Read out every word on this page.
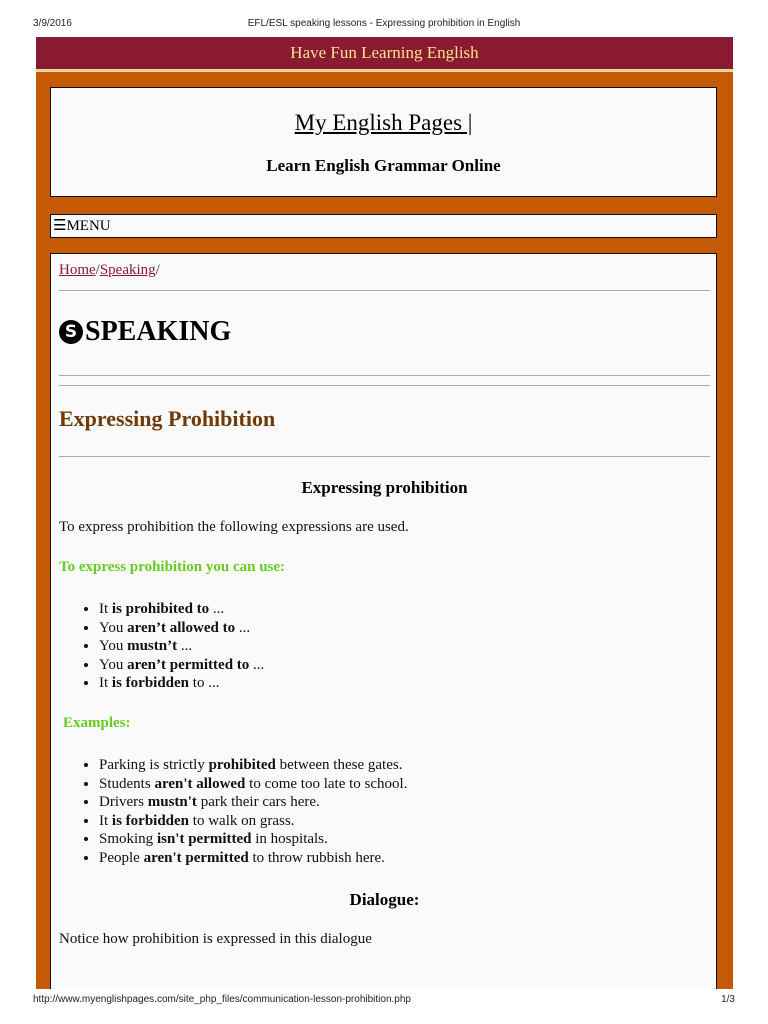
3/9/2016	EFL/ESL speaking lessons - Expressing prohibition in English
Have Fun Learning English
My English Pages |
Learn English Grammar Online
☰MENU
Home/Speaking/
S SPEAKING
Expressing Prohibition
Expressing prohibition
To express prohibition the following expressions are used.
To express prohibition you can use:
• It is prohibited to ...
• You aren’t allowed to ...
• You mustn’t ...
• You aren’t permitted to ...
• It is forbidden to ...
Examples:
• Parking is strictly prohibited between these gates.
• Students aren't allowed to come too late to school.
• Drivers mustn't park their cars here.
• It is forbidden to walk on grass.
• Smoking isn't permitted in hospitals.
• People aren't permitted to throw rubbish here.
Dialogue:
Notice how prohibition is expressed in this dialogue
http://www.myenglishpages.com/site_php_files/communication-lesson-prohibition.php	1/3
